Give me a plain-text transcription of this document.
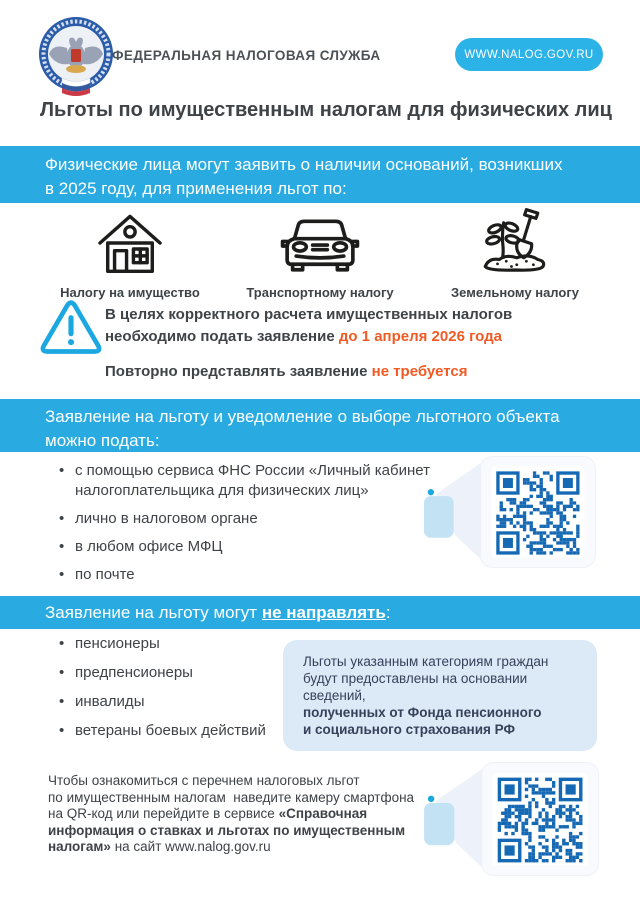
ФЕДЕРАЛЬНАЯ НАЛОГОВАЯ СЛУЖБА	WWW.NALOG.GOV.RU
Льготы по имущественным налогам для физических лиц
Физические лица могут заявить о наличии оснований, возникших
в 2025 году, для применения льгот по:
Налогу на имущество	Транспортному налогу	Земельному налогу
В целях корректного расчета имущественных налогов
необходимо подать заявление до 1 апреля 2026 года
Повторно представлять заявление не требуется
Заявление на льготу и уведомление о выборе льготного объекта
можно подать:
• с помощью сервиса ФНС России «Личный кабинет налогоплательщика для физических лиц»
• лично в налоговом органе
• в любом офисе МФЦ
• по почте
Заявление на льготу могут не направлять:
• пенсионеры
• предпенсионеры
• инвалиды
• ветераны боевых действий
Льготы указанным категориям граждан
будут предоставлены на основании сведений,
полученных от Фонда пенсионного
и социального страхования РФ
Чтобы ознакомиться с перечнем налоговых льгот
по имущественным налогам  наведите камеру смартфона
на QR-код или перейдите в сервисе «Справочная
информация о ставках и льготах по имущественным
налогам» на сайт www.nalog.gov.ru
